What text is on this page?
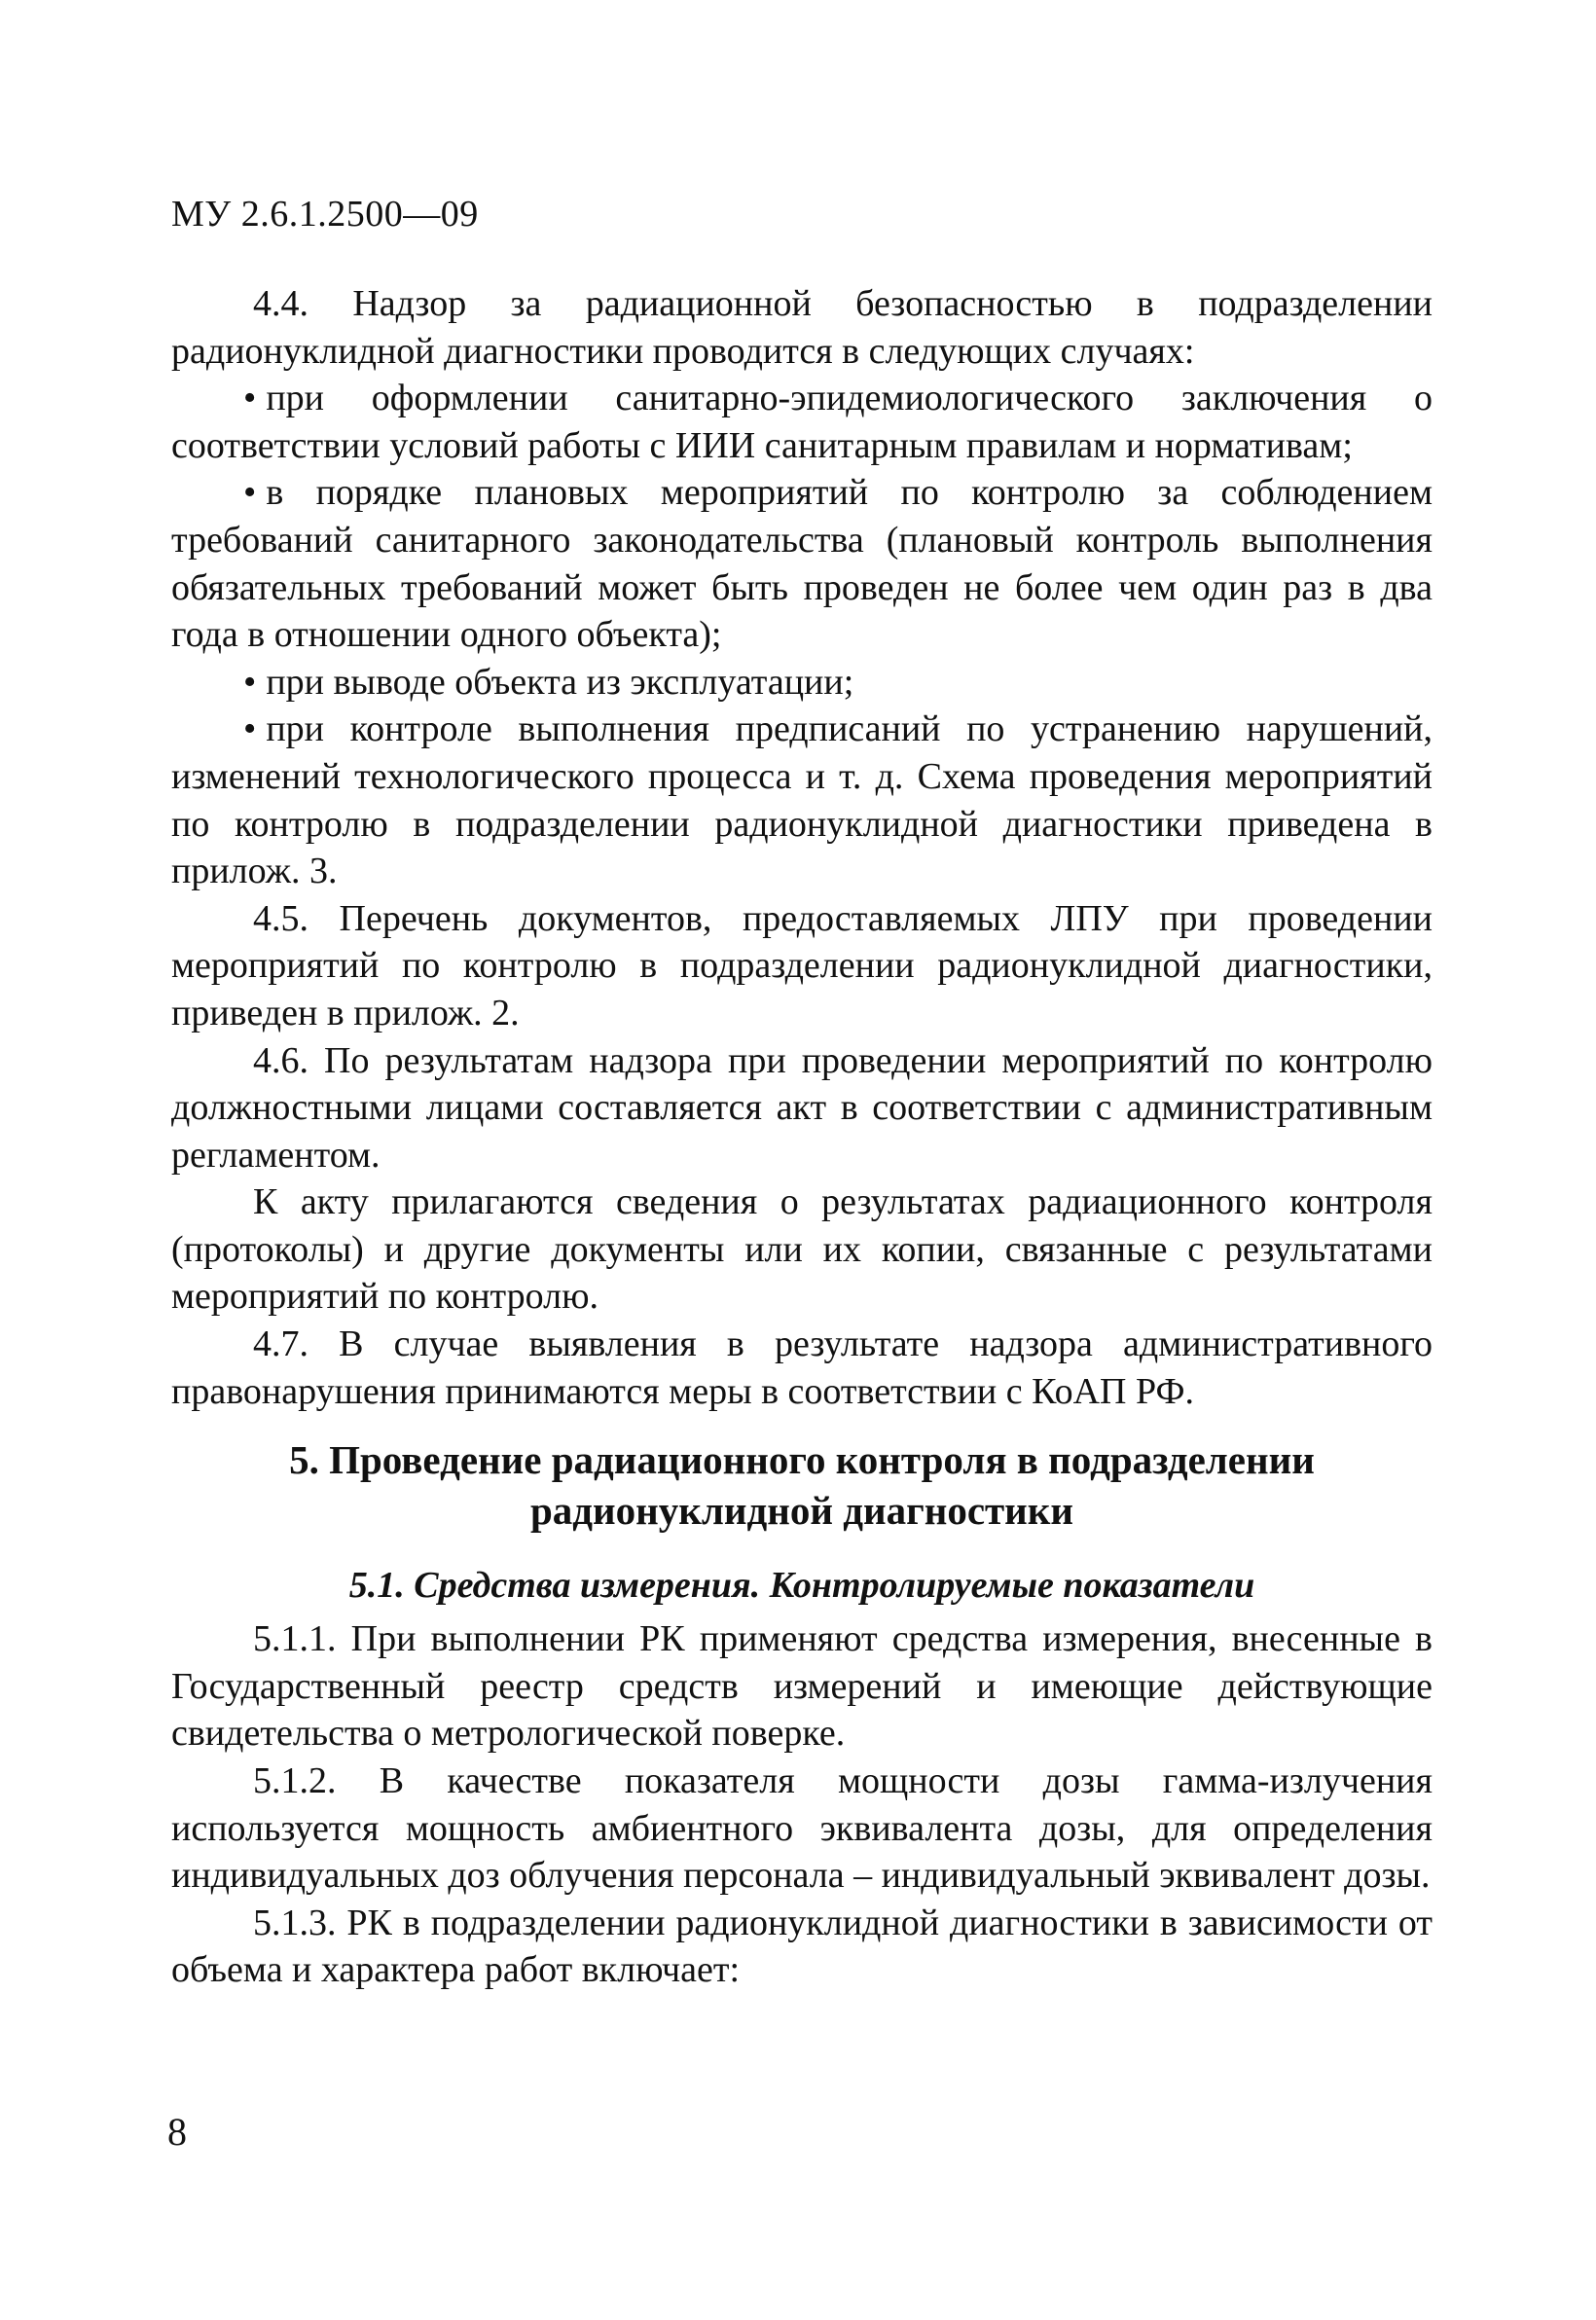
МУ 2.6.1.2500—09

4.4. Надзор за радиационной безопасностью в подразделении радионуклидной диагностики проводится в следующих случаях:

• при оформлении санитарно-эпидемиологического заключения о соответствии условий работы с ИИИ санитарным правилам и нормативам;

• в порядке плановых мероприятий по контролю за соблюдением требований санитарного законодательства (плановый контроль выполнения обязательных требований может быть проведен не более чем один раз в два года в отношении одного объекта);

• при выводе объекта из эксплуатации;

• при контроле выполнения предписаний по устранению нарушений, изменений технологического процесса и т. д. Схема проведения мероприятий по контролю в подразделении радионуклидной диагностики приведена в прилож. 3.

4.5. Перечень документов, предоставляемых ЛПУ при проведении мероприятий по контролю в подразделении радионуклидной диагностики, приведен в прилож. 2.

4.6. По результатам надзора при проведении мероприятий по контролю должностными лицами составляется акт в соответствии с административным регламентом.

К акту прилагаются сведения о результатах радиационного контроля (протоколы) и другие документы или их копии, связанные с результатами мероприятий по контролю.

4.7. В случае выявления в результате надзора административного правонарушения принимаются меры в соответствии с КоАП РФ.

5. Проведение радиационного контроля в подразделении
радионуклидной диагностики
5.1. Средства измерения. Контролируемые показатели

5.1.1. При выполнении РК применяют средства измерения, внесенные в Государственный реестр средств измерений и имеющие действующие свидетельства о метрологической поверке.

5.1.2. В качестве показателя мощности дозы гамма-излучения используется мощность амбиентного эквивалента дозы, для определения индивидуальных доз облучения персонала – индивидуальный эквивалент дозы.

5.1.3. РК в подразделении радионуклидной диагностики в зависимости от объема и характера работ включает:

8
